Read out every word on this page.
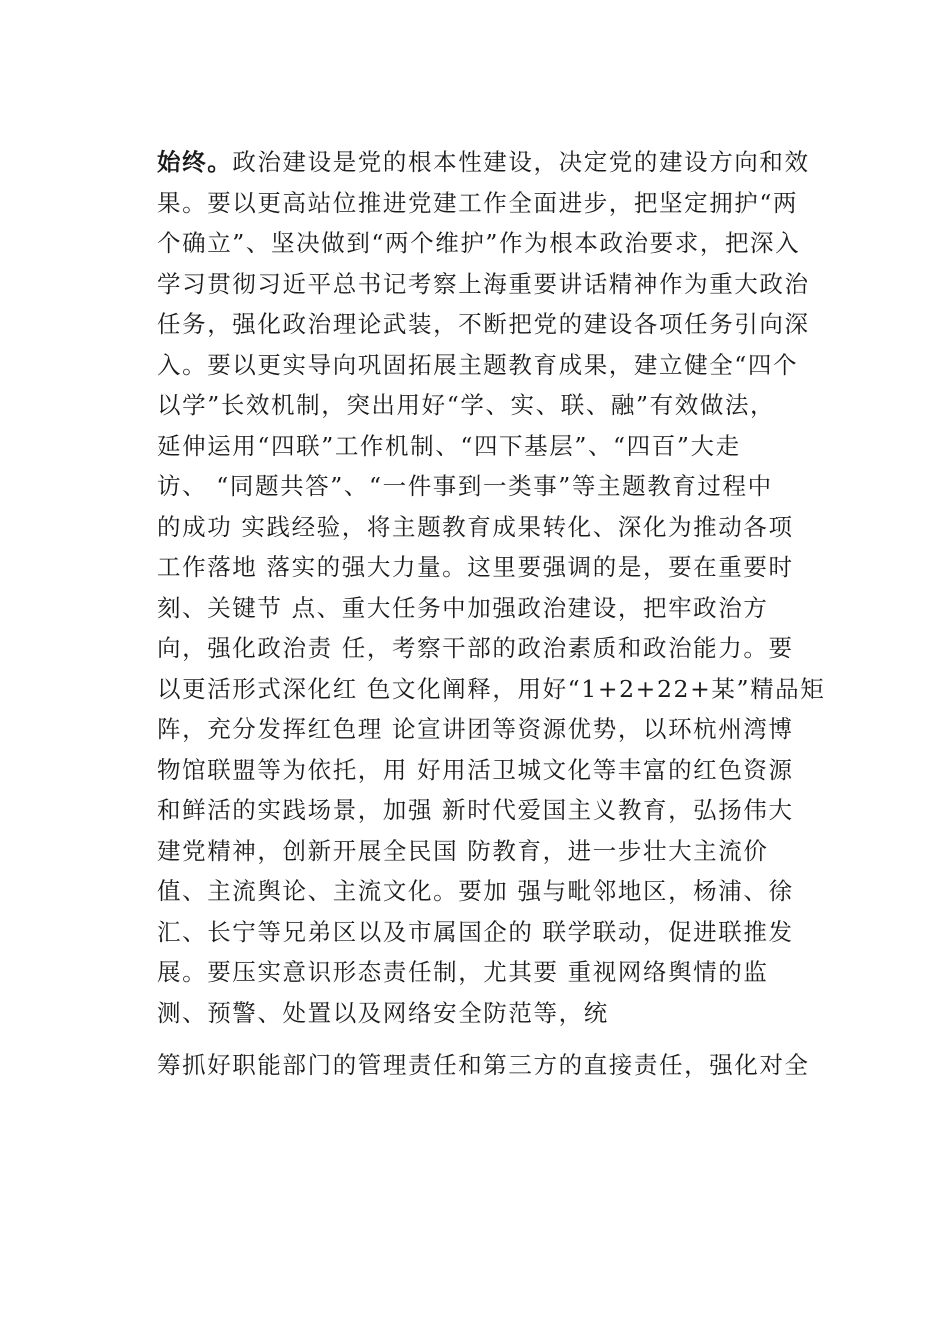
始终。政治建设是党的根本性建设，决定党的建设方向和效
果。要以更高站位推进党建工作全面进步，把坚定拥护“两
个确立”、坚决做到“两个维护”作为根本政治要求，把深入
学习贯彻习近平总书记考察上海重要讲话精神作为重大政治
任务，强化政治理论武装，不断把党的建设各项任务引向深
入。要以更实导向巩固拓展主题教育成果，建立健全“四个
以学”长效机制，突出用好“学、实、联、融”有效做法，
延伸运用“四联”工作机制、“四下基层”、“四百”大走
访、 “同题共答”、“一件事到一类事”等主题教育过程中
的成功 实践经验，将主题教育成果转化、深化为推动各项
工作落地 落实的强大力量。这里要强调的是，要在重要时
刻、关键节 点、重大任务中加强政治建设，把牢政治方
向，强化政治责 任，考察干部的政治素质和政治能力。要
以更活形式深化红 色文化阐释，用好“1+2+22+某”精品矩
阵，充分发挥红色理 论宣讲团等资源优势，以环杭州湾博
物馆联盟等为依托，用 好用活卫城文化等丰富的红色资源
和鲜活的实践场景，加强 新时代爱国主义教育，弘扬伟大
建党精神，创新开展全民国 防教育，进一步壮大主流价
值、主流舆论、主流文化。要加 强与毗邻地区，杨浦、徐
汇、长宁等兄弟区以及市属国企的 联学联动，促进联推发
展。要压实意识形态责任制，尤其要 重视网络舆情的监
测、预警、处置以及网络安全防范等，统
筹抓好职能部门的管理责任和第三方的直接责任，强化对全
